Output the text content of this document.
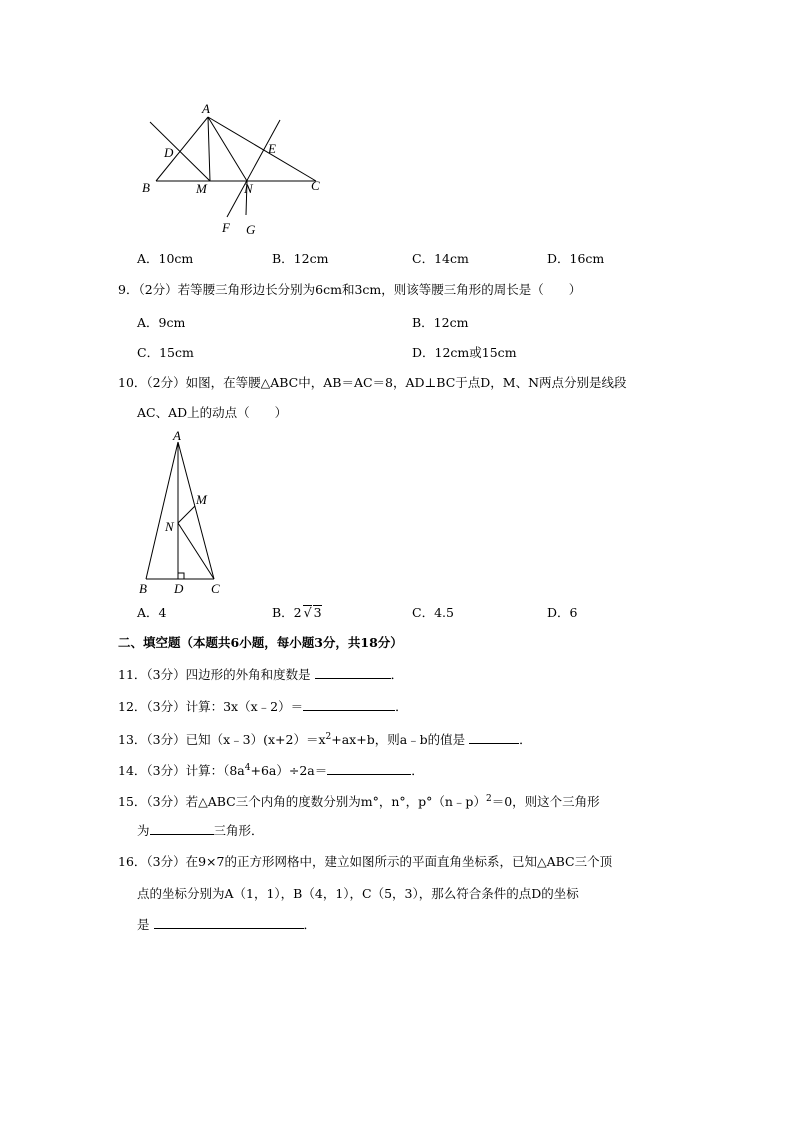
A
D	E
B	M	N	C
F G
A．10cm	B．12cm	C．14cm	D．16cm
9．（2分）若等腰三角形边长分别为6cm和3cm，则该等腰三角形的周长是（　　）
A．9cm	B．12cm
C．15cm	D．12cm或15cm
10．（2分）如图，在等腰△ABC中，AB＝AC＝8，AD⊥BC于点D，M、N两点分别是线段
AC、AD上的动点（　　）
A
M
N
B D C
A．4	B．2 √ 3	C．4.5	D．6
二、填空题（本题共6小题，每小题3分，共18分）
11．（3分）四边形的外角和度数是	．
12．（3分）计算：3x（x﹣2）＝	．
13．（3分）已知$(x﹣3)(x+2)=x^2+ax+b$，则a﹣b的值是	．
14．（3分）计算：$(8a^4+6a)\div 2a=$	．
15．（3分）若△ABC三个内角的度数分别为m°，n°，p°（n﹣p）$^2$＝0，则这个三角形
为	三角形．
16．（3分）在9×7的正方形网格中，建立如图所示的平面直角坐标系，已知△ABC三个顶
点的坐标分别为A（1，1），B（4，1），C（5，3），那么符合条件的点D的坐标
是	．
